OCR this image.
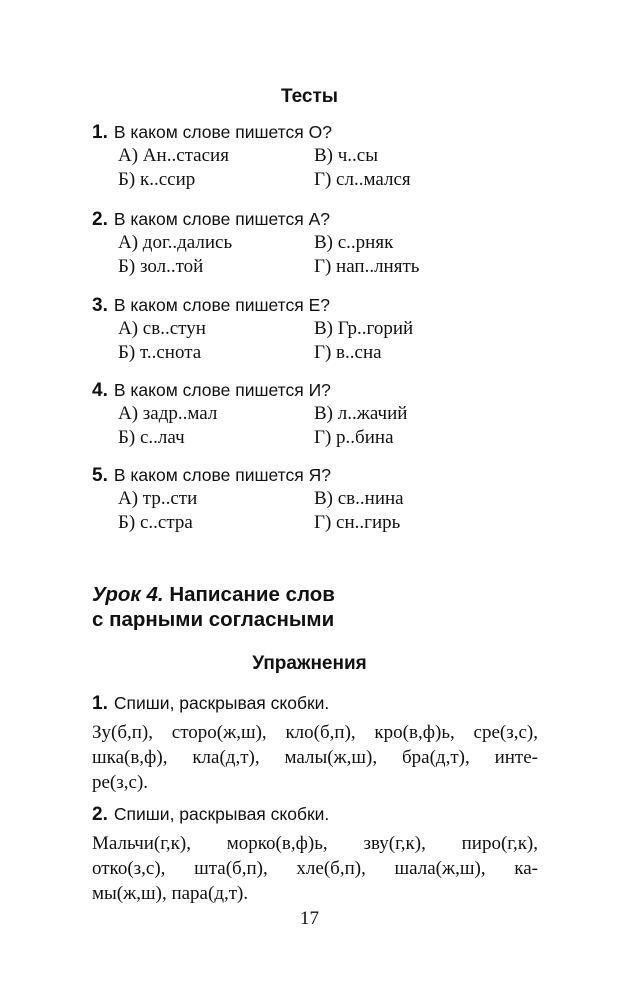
Тесты
1. В каком слове пишется О?
А) Ан..стасия	В) ч..сы
Б) к..ссир	Г) сл..мался
2. В каком слове пишется А?
А) дог..дались	В) с..рняк
Б) зол..той	Г) нап..лнять
3. В каком слове пишется Е?
А) св..стун	В) Гр..горий
Б) т..снота	Г) в..сна
4. В каком слове пишется И?
А) задр..мал	В) л..жачий
Б) с..лач	Г) р..бина
5. В каком слове пишется Я?
А) тр..сти	В) св..нина
Б) с..стра	Г) сн..гирь
Урок 4. Написание слов
с парными согласными
Упражнения
1. Спиши, раскрывая скобки.
Зу(б,п), сторо(ж,ш), кло(б,п), кро(в,ф)ь, сре(з,с),
шка(в,ф), кла(д,т), малы(ж,ш), бра(д,т), инте-
ре(з,с).
2. Спиши, раскрывая скобки.
Мальчи(г,к), морко(в,ф)ь, зву(г,к), пиро(г,к),
отко(з,с), шта(б,п), хле(б,п), шала(ж,ш), ка-
мы(ж,ш), пара(д,т).
17
